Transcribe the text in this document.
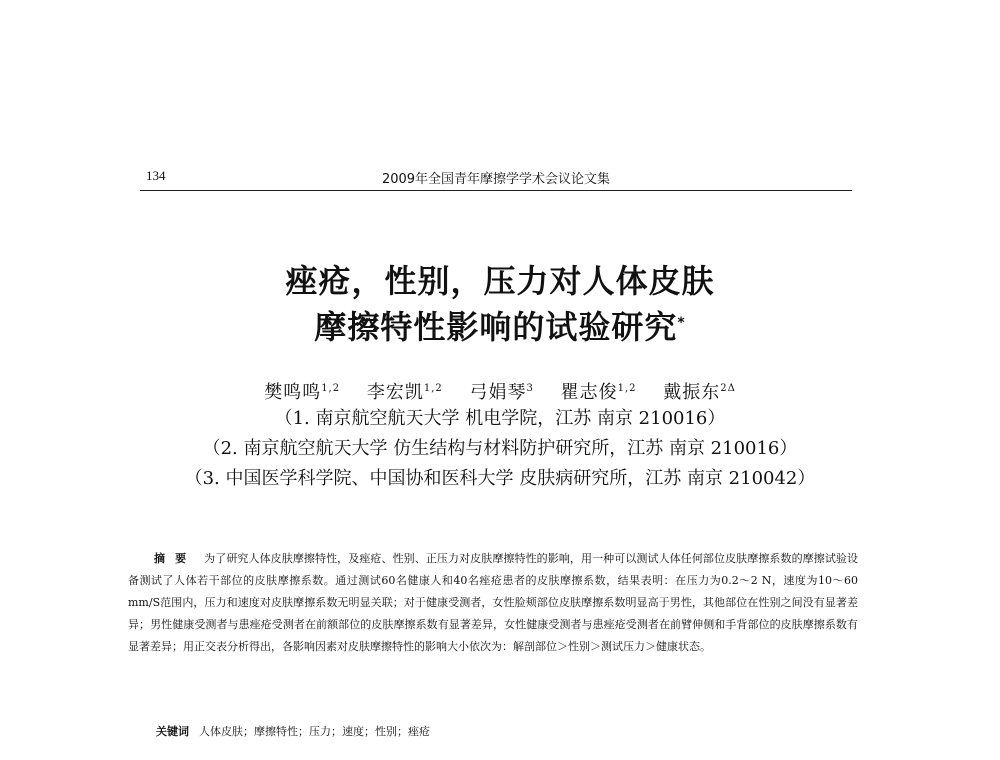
134	2009年全国青年摩擦学学术会议论文集
痤疮，性别，压力对人体皮肤
摩擦特性影响的试验研究*
樊鸣鸣$^{1,2}$ 李宏凯$^{1,2}$ 弓娟琴$^3$ 瞿志俊$^{1,2}$ 戴振东$^{2\Delta}$
（1. 南京航空航天大学 机电学院，江苏 南京 210016）
（2. 南京航空航天大学 仿生结构与材料防护研究所，江苏 南京 210016）
（3. 中国医学科学院、中国协和医科大学 皮肤病研究所，江苏 南京 210042）
摘要 为了研究人体皮肤摩擦特性，及痤疮、性别、正压力对皮肤摩擦特性的影响，用一种可以测试人体任何部位皮肤摩擦系数的摩擦试验设备测试了人体若干部位的皮肤摩擦系数。通过测试60名健康人和40名痤疮患者的皮肤摩擦系数，结果表明：在压力为0.2～2 N，速度为10～60 mm/S范围内，压力和速度对皮肤摩擦系数无明显关联；对于健康受测者，女性脸颊部位皮肤摩擦系数明显高于男性，其他部位在性别之间没有显著差异；男性健康受测者与患痤疮受测者在前额部位的皮肤摩擦系数有显著差异，女性健康受测者与患痤疮受测者在前臂伸侧和手背部位的皮肤摩擦系数有显著差异；用正交表分析得出，各影响因素对皮肤摩擦特性的影响大小依次为：解剖部位＞性别＞测试压力＞健康状态。
关键词 人体皮肤；摩擦特性；压力；速度；性别；痤疮
